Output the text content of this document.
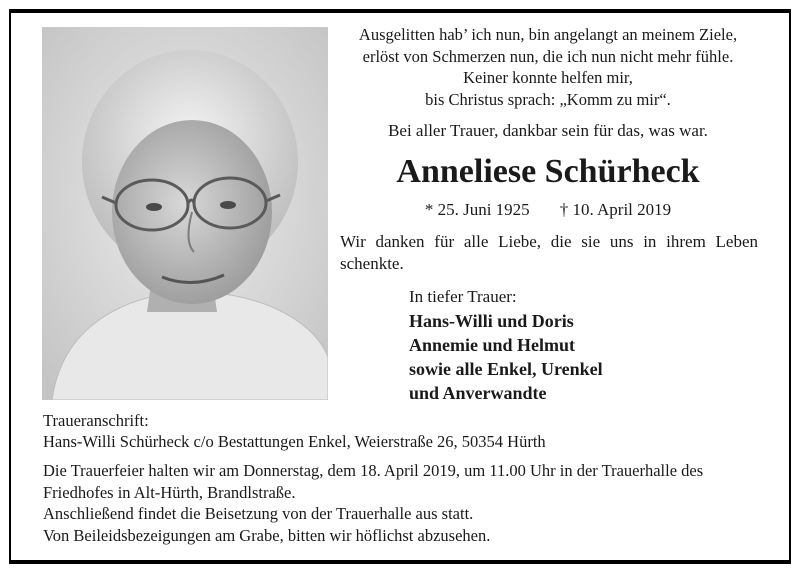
Ausgelitten hab’ ich nun, bin angelangt an meinem Ziele,
erlöst von Schmerzen nun, die ich nun nicht mehr fühle.
Keiner konnte helfen mir,
bis Christus sprach: „Komm zu mir“.
Bei aller Trauer, dankbar sein für das, was war.
Anneliese Schürheck
* 25. Juni 1925 † 10. April 2019
Wir danken für alle Liebe, die sie uns in ihrem Leben schenkte.
In tiefer Trauer:
Hans-Willi und Doris
Annemie und Helmut
sowie alle Enkel, Urenkel
und Anverwandte
Traueranschrift:
Hans-Willi Schürheck c/o Bestattungen Enkel, Weierstraße 26, 50354 Hürth
Die Trauerfeier halten wir am Donnerstag, dem 18. April 2019, um 11.00 Uhr in der Trauerhalle des
Friedhofes in Alt-Hürth, Brandlstraße.
Anschließend findet die Beisetzung von der Trauerhalle aus statt.
Von Beileidsbezeigungen am Grabe, bitten wir höflichst abzusehen.
